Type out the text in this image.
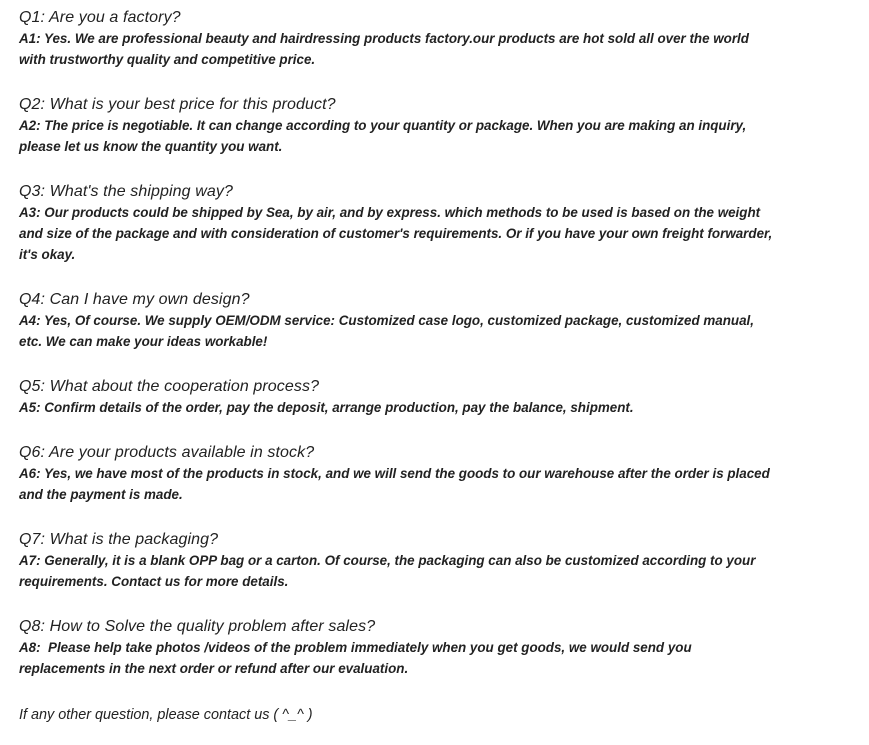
Q1: Are you a factory?

A1: Yes. We are professional beauty and hairdressing products factory.our products are hot sold all over the world
with trustworthy quality and competitive price.

Q2: What is your best price for this product?

A2: The price is negotiable. It can change according to your quantity or package. When you are making an inquiry,
please let us know the quantity you want.

Q3: What's the shipping way?

A3: Our products could be shipped by Sea, by air, and by express. which methods to be used is based on the weight
and size of the package and with consideration of customer's requirements. Or if you have your own freight forwarder,
it's okay.

Q4: Can I have my own design?

A4: Yes, Of course. We supply OEM/ODM service: Customized case logo, customized package, customized manual,
etc. We can make your ideas workable!

Q5: What about the cooperation process?

A5: Confirm details of the order, pay the deposit, arrange production, pay the balance, shipment.

Q6: Are your products available in stock?

A6: Yes, we have most of the products in stock, and we will send the goods to our warehouse after the order is placed
and the payment is made.

Q7: What is the packaging?

A7: Generally, it is a blank OPP bag or a carton. Of course, the packaging can also be customized according to your
requirements. Contact us for more details.

Q8: How to Solve the quality problem after sales?

A8:  Please help take photos /videos of the problem immediately when you get goods, we would send you
replacements in the next order or refund after our evaluation.

If any other question, please contact us ( ^_^ )
